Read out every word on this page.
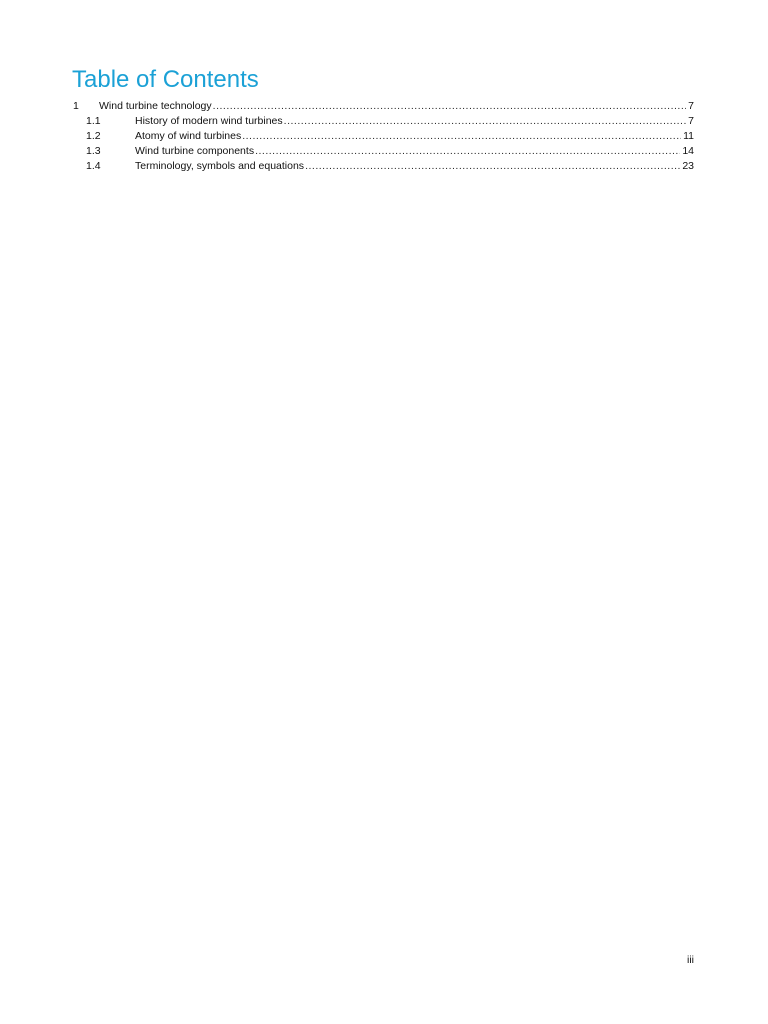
Table of Contents
1	Wind turbine technology .....	7
1.1	History of modern wind turbines .....	7
1.2	Atomy of wind turbines .....	11
1.3	Wind turbine components .....	14
1.4	Terminology, symbols and equations .....	23
iii
